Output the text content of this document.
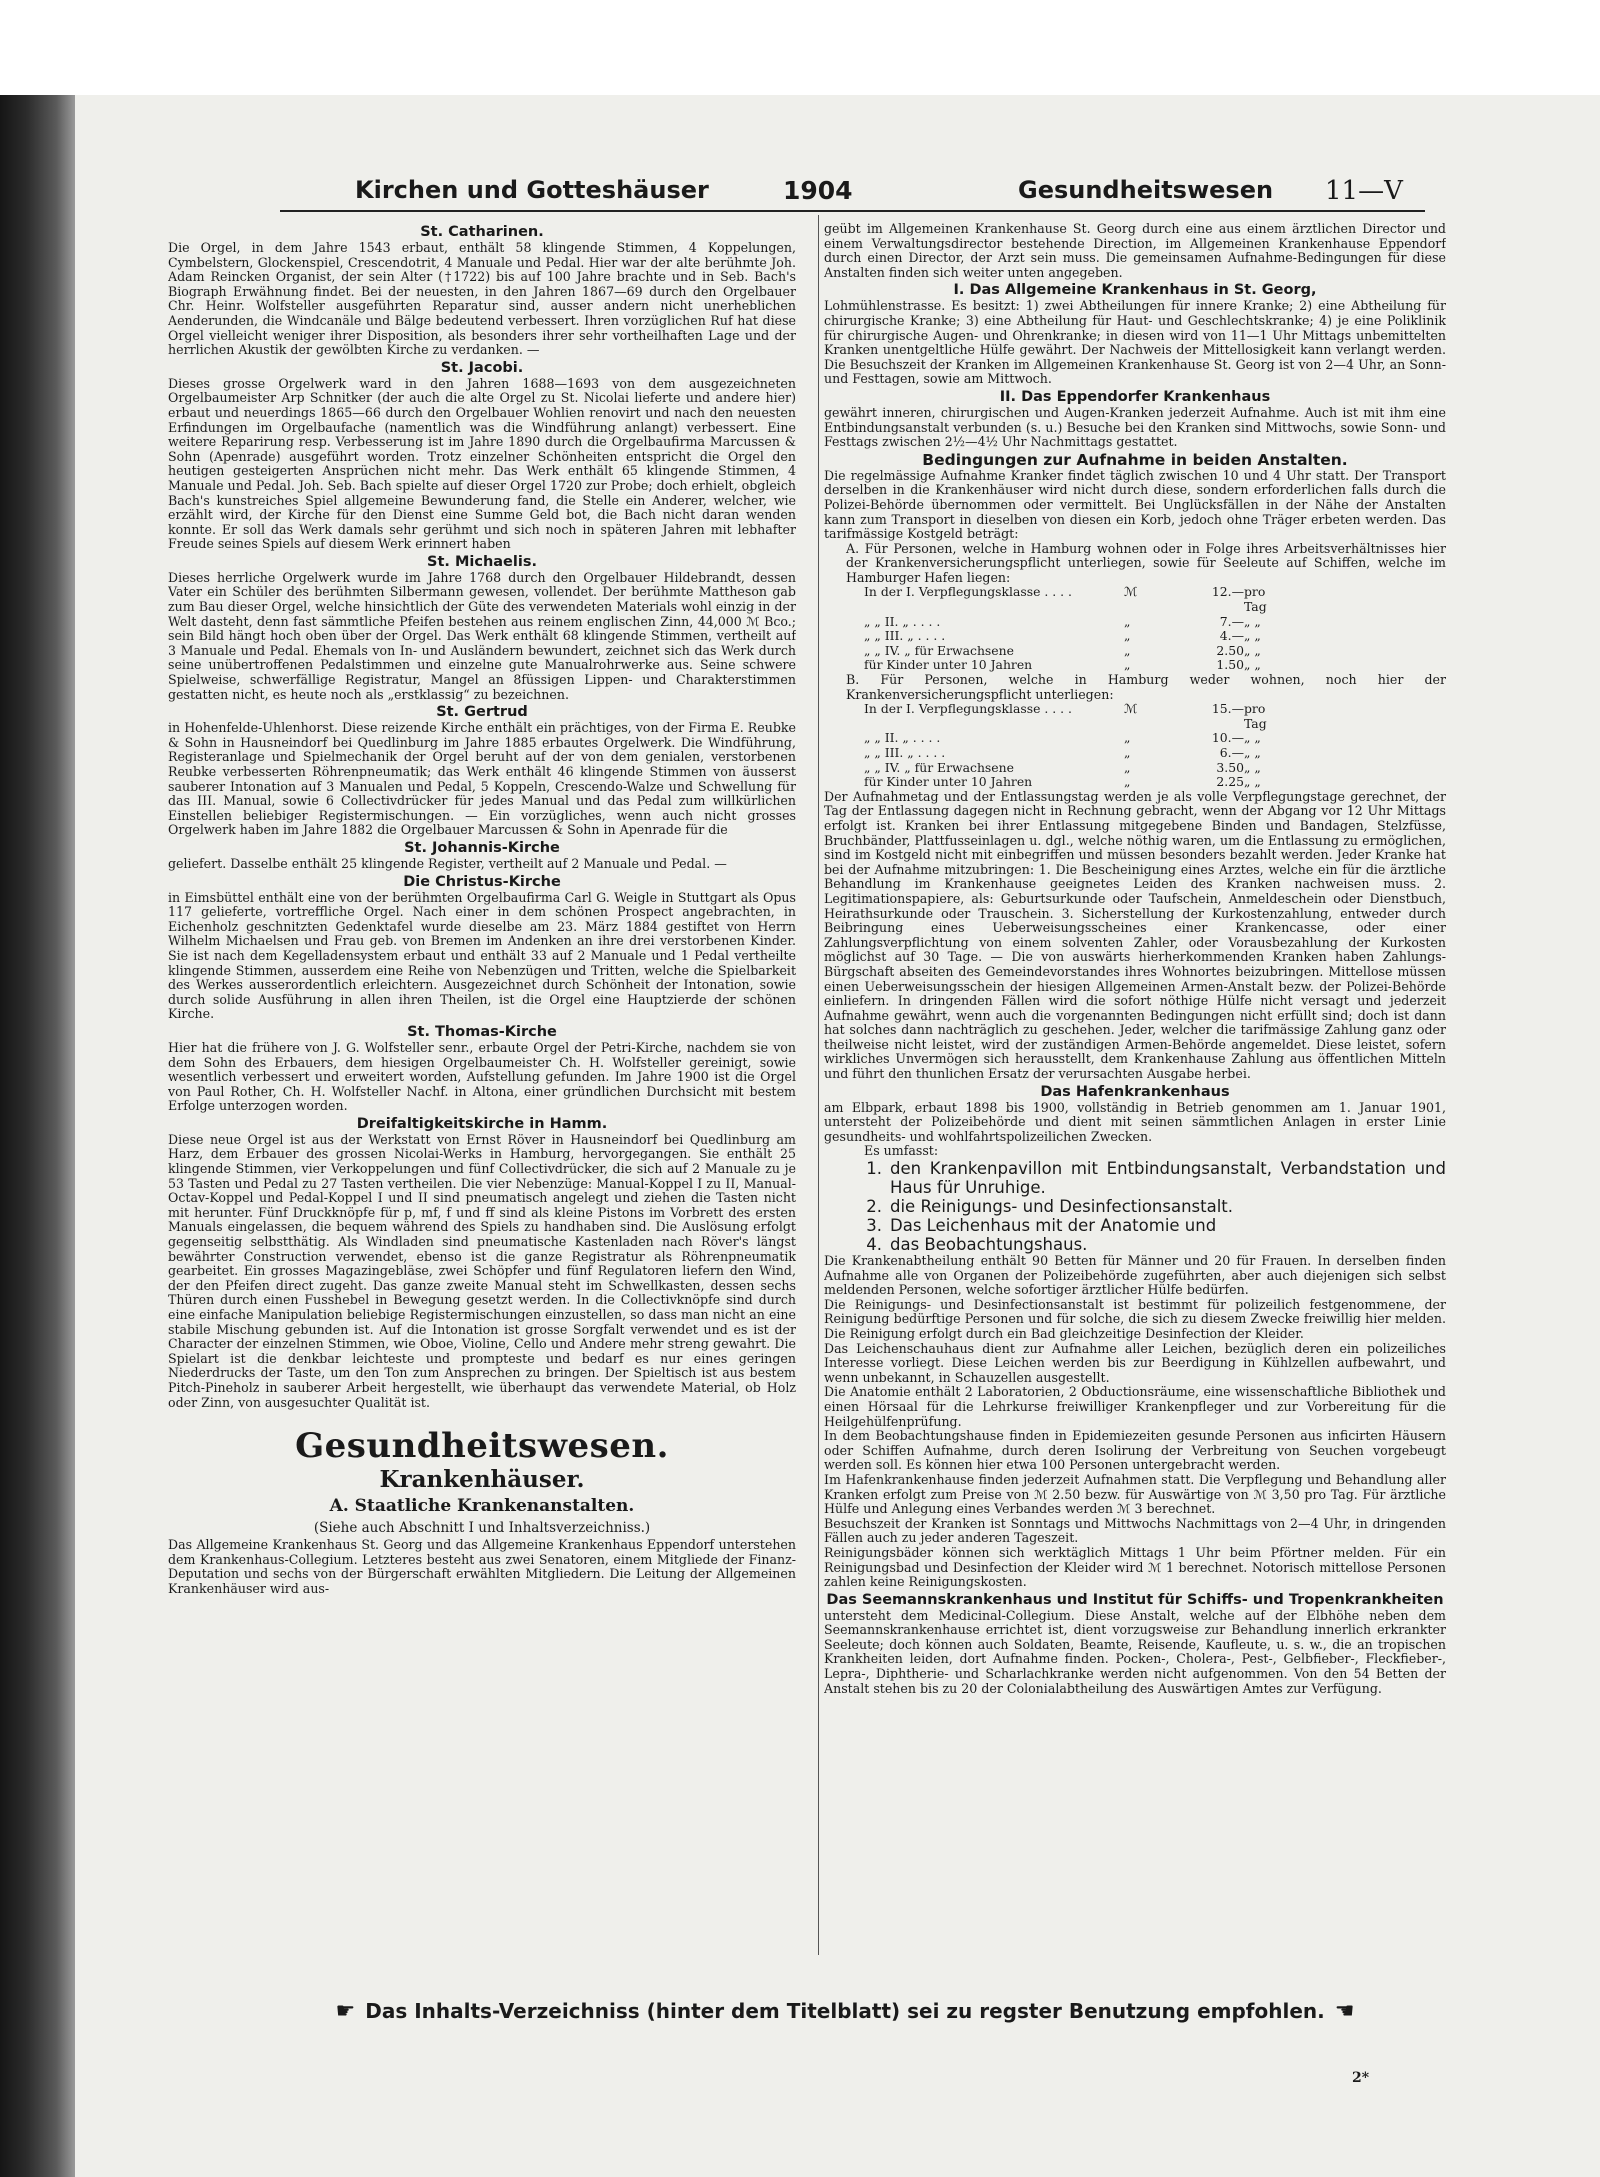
Kirchen und Gotteshäuser	1904	Gesundheitswesen 11—V
St. Catharinen.

Die Orgel, in dem Jahre 1543 erbaut, enthält 58 klingende Stimmen, 4 Koppelungen, Cymbelstern, Glockenspiel, Crescendotrit, 4 Manuale und Pedal. Hier war der alte berühmte Joh. Adam Reincken Organist, der sein Alter (†1722) bis auf 100 Jahre brachte und in Seb. Bach's Biograph Erwähnung findet. Bei der neuesten, in den Jahren 1867—69 durch den Orgelbauer Chr. Heinr. Wolfsteller ausgeführten Reparatur sind, ausser andern nicht unerheblichen Aenderunden, die Windcanäle und Bälge bedeutend verbessert. Ihren vorzüglichen Ruf hat diese Orgel vielleicht weniger ihrer Disposition, als besonders ihrer sehr vortheilhaften Lage und der herrlichen Akustik der gewölbten Kirche zu verdanken. —

St. Jacobi.

Dieses grosse Orgelwerk ward in den Jahren 1688—1693 von dem ausgezeichneten Orgelbaumeister Arp Schnitker (der auch die alte Orgel zu St. Nicolai lieferte und andere hier) erbaut und neuerdings 1865—66 durch den Orgelbauer Wohlien renovirt und nach den neuesten Erfindungen im Orgelbaufache (namentlich was die Windführung anlangt) verbessert. Eine weitere Reparirung resp. Verbesserung ist im Jahre 1890 durch die Orgelbaufirma Marcussen & Sohn (Apenrade) ausgeführt worden. Trotz einzelner Schönheiten entspricht die Orgel den heutigen gesteigerten Ansprüchen nicht mehr. Das Werk enthält 65 klingende Stimmen, 4 Manuale und Pedal. Joh. Seb. Bach spielte auf dieser Orgel 1720 zur Probe; doch erhielt, obgleich Bach's kunstreiches Spiel allgemeine Bewunderung fand, die Stelle ein Anderer, welcher, wie erzählt wird, der Kirche für den Dienst eine Summe Geld bot, die Bach nicht daran wenden konnte. Er soll das Werk damals sehr gerühmt und sich noch in späteren Jahren mit lebhafter Freude seines Spiels auf diesem Werk erinnert haben

St. Michaelis.

Dieses herrliche Orgelwerk wurde im Jahre 1768 durch den Orgelbauer Hildebrandt, dessen Vater ein Schüler des berühmten Silbermann gewesen, vollendet. Der berühmte Mattheson gab zum Bau dieser Orgel, welche hinsichtlich der Güte des verwendeten Materials wohl einzig in der Welt dasteht, denn fast sämmtliche Pfeifen bestehen aus reinem englischen Zinn, 44,000 ℳ Bco.; sein Bild hängt hoch oben über der Orgel. Das Werk enthält 68 klingende Stimmen, vertheilt auf 3 Manuale und Pedal. Ehemals von In- und Ausländern bewundert, zeichnet sich das Werk durch seine unübertroffenen Pedalstimmen und einzelne gute Manualrohrwerke aus. Seine schwere Spielweise, schwerfällige Registratur, Mangel an 8füssigen Lippen- und Charakterstimmen gestatten nicht, es heute noch als „erstklassig“ zu bezeichnen.

St. Gertrud

in Hohenfelde-Uhlenhorst. Diese reizende Kirche enthält ein prächtiges, von der Firma E. Reubke & Sohn in Hausneindorf bei Quedlinburg im Jahre 1885 erbautes Orgelwerk. Die Windführung, Registeranlage und Spielmechanik der Orgel beruht auf der von dem genialen, verstorbenen Reubke verbesserten Röhrenpneumatik; das Werk enthält 46 klingende Stimmen von äusserst sauberer Intonation auf 3 Manualen und Pedal, 5 Koppeln, Crescendo-Walze und Schwellung für das III. Manual, sowie 6 Collectivdrücker für jedes Manual und das Pedal zum willkürlichen Einstellen beliebiger Registermischungen. — Ein vorzügliches, wenn auch nicht grosses Orgelwerk haben im Jahre 1882 die Orgelbauer Marcussen & Sohn in Apenrade für die

St. Johannis-Kirche

geliefert. Dasselbe enthält 25 klingende Register, vertheilt auf 2 Manuale und Pedal. —

Die Christus-Kirche

in Eimsbüttel enthält eine von der berühmten Orgelbaufirma Carl G. Weigle in Stuttgart als Opus 117 gelieferte, vortreffliche Orgel. Nach einer in dem schönen Prospect angebrachten, in Eichenholz geschnitzten Gedenktafel wurde dieselbe am 23. März 1884 gestiftet von Herrn Wilhelm Michaelsen und Frau geb. von Bremen im Andenken an ihre drei verstorbenen Kinder. Sie ist nach dem Kegelladensystem erbaut und enthält 33 auf 2 Manuale und 1 Pedal vertheilte klingende Stimmen, ausserdem eine Reihe von Nebenzügen und Tritten, welche die Spielbarkeit des Werkes ausserordentlich erleichtern. Ausgezeichnet durch Schönheit der Intonation, sowie durch solide Ausführung in allen ihren Theilen, ist die Orgel eine Hauptzierde der schönen Kirche.

St. Thomas-Kirche

Hier hat die frühere von J. G. Wolfsteller senr., erbaute Orgel der Petri-Kirche, nachdem sie von dem Sohn des Erbauers, dem hiesigen Orgelbaumeister Ch. H. Wolfsteller gereinigt, sowie wesentlich verbessert und erweitert worden, Aufstellung gefunden. Im Jahre 1900 ist die Orgel von Paul Rother, Ch. H. Wolfsteller Nachf. in Altona, einer gründlichen Durchsicht mit bestem Erfolge unterzogen worden.

Dreifaltigkeitskirche in Hamm.

Diese neue Orgel ist aus der Werkstatt von Ernst Röver in Hausneindorf bei Quedlinburg am Harz, dem Erbauer des grossen Nicolai-Werks in Hamburg, hervorgegangen. Sie enthält 25 klingende Stimmen, vier Verkoppelungen und fünf Collectivdrücker, die sich auf 2 Manuale zu je 53 Tasten und Pedal zu 27 Tasten vertheilen. Die vier Nebenzüge: Manual-Koppel I zu II, Manual-Octav-Koppel und Pedal-Koppel I und II sind pneumatisch angelegt und ziehen die Tasten nicht mit herunter. Fünf Druckknöpfe für p, mf, f und ff sind als kleine Pistons im Vorbrett des ersten Manuals eingelassen, die bequem während des Spiels zu handhaben sind. Die Auslösung erfolgt gegenseitig selbstthätig. Als Windladen sind pneumatische Kastenladen nach Röver's längst bewährter Construction verwendet, ebenso ist die ganze Registratur als Röhrenpneumatik gearbeitet. Ein grosses Magazingebläse, zwei Schöpfer und fünf Regulatoren liefern den Wind, der den Pfeifen direct zugeht. Das ganze zweite Manual steht im Schwellkasten, dessen sechs Thüren durch einen Fusshebel in Bewegung gesetzt werden. In die Collectivknöpfe sind durch eine einfache Manipulation beliebige Registermischungen einzustellen, so dass man nicht an eine stabile Mischung gebunden ist. Auf die Intonation ist grosse Sorgfalt verwendet und es ist der Character der einzelnen Stimmen, wie Oboe, Violine, Cello und Andere mehr streng gewahrt. Die Spielart ist die denkbar leichteste und prompteste und bedarf es nur eines geringen Niederdrucks der Taste, um den Ton zum Ansprechen zu bringen. Der Spieltisch ist aus bestem Pitch-Pineholz in sauberer Arbeit hergestellt, wie überhaupt das verwendete Material, ob Holz oder Zinn, von ausgesuchter Qualität ist.

Gesundheitswesen.
Krankenhäuser.
A. Staatliche Krankenanstalten.
(Siehe auch Abschnitt I und Inhaltsverzeichniss.)

Das Allgemeine Krankenhaus St. Georg und das Allgemeine Krankenhaus Eppendorf unterstehen dem Krankenhaus-Collegium. Letzteres besteht aus zwei Senatoren, einem Mitgliede der Finanz-Deputation und sechs von der Bürgerschaft erwählten Mitgliedern. Die Leitung der Allgemeinen Krankenhäuser wird aus-

geübt im Allgemeinen Krankenhause St. Georg durch eine aus einem ärztlichen Director und einem Verwaltungsdirector bestehende Direction, im Allgemeinen Krankenhause Eppendorf durch einen Director, der Arzt sein muss. Die gemeinsamen Aufnahme-Bedingungen für diese Anstalten finden sich weiter unten angegeben.

I. Das Allgemeine Krankenhaus in St. Georg,

Lohmühlenstrasse. Es besitzt: 1) zwei Abtheilungen für innere Kranke; 2) eine Abtheilung für chirurgische Kranke; 3) eine Abtheilung für Haut- und Geschlechtskranke; 4) je eine Poliklinik für chirurgische Augen- und Ohrenkranke; in diesen wird von 11—1 Uhr Mittags unbemittelten Kranken unentgeltliche Hülfe gewährt. Der Nachweis der Mittellosigkeit kann verlangt werden. Die Besuchszeit der Kranken im Allgemeinen Krankenhause St. Georg ist von 2—4 Uhr, an Sonn- und Festtagen, sowie am Mittwoch.

II. Das Eppendorfer Krankenhaus

gewährt inneren, chirurgischen und Augen-Kranken jederzeit Aufnahme. Auch ist mit ihm eine Entbindungsanstalt verbunden (s. u.) Besuche bei den Kranken sind Mittwochs, sowie Sonn- und Festtags zwischen 2½—4½ Uhr Nachmittags gestattet.

Bedingungen zur Aufnahme in beiden Anstalten.

Die regelmässige Aufnahme Kranker findet täglich zwischen 10 und 4 Uhr statt. Der Transport derselben in die Krankenhäuser wird nicht durch diese, sondern erforderlichen falls durch die Polizei-Behörde übernommen oder vermittelt. Bei Unglücksfällen in der Nähe der Anstalten kann zum Transport in dieselben von diesen ein Korb, jedoch ohne Träger erbeten werden. Das tarifmässige Kostgeld beträgt:

A. Für Personen, welche in Hamburg wohnen oder in Folge ihres Arbeitsverhältnisses hier der Krankenversicherungspflicht unterliegen, sowie für Seeleute auf Schiffen, welche im Hamburger Hafen liegen:

In der I. Verpflegungsklasse . . . .	ℳ	12.— pro Tag
„ „ II. „ . . . .	„	7.— „ „
„ „ III. „ . . . .	„	4.— „ „
„ „ IV. „ für Erwachsene	„	2.50 „ „
für Kinder unter 10 Jahren	„	1.50 „ „

B. Für Personen, welche in Hamburg weder wohnen, noch hier der Krankenversicherungspflicht unterliegen:

In der I. Verpflegungsklasse . . . .	ℳ	15.— pro Tag
„ „ II. „ . . . .	„	10.— „ „
„ „ III. „ . . . .	„	6.— „ „
„ „ IV. „ für Erwachsene	„	3.50 „ „
für Kinder unter 10 Jahren	„	2.25 „ „

Der Aufnahmetag und der Entlassungstag werden je als volle Verpflegungstage gerechnet, der Tag der Entlassung dagegen nicht in Rechnung gebracht, wenn der Abgang vor 12 Uhr Mittags erfolgt ist. Kranken bei ihrer Entlassung mitgegebene Binden und Bandagen, Stelzfüsse, Bruchbänder, Plattfusseinlagen u. dgl., welche nöthig waren, um die Entlassung zu ermöglichen, sind im Kostgeld nicht mit einbegriffen und müssen besonders bezahlt werden. Jeder Kranke hat bei der Aufnahme mitzubringen: 1. Die Bescheinigung eines Arztes, welche ein für die ärztliche Behandlung im Krankenhause geeignetes Leiden des Kranken nachweisen muss. 2. Legitimationspapiere, als: Geburtsurkunde oder Taufschein, Anmeldeschein oder Dienstbuch, Heirathsurkunde oder Trauschein. 3. Sicherstellung der Kurkostenzahlung, entweder durch Beibringung eines Ueberweisungsscheines einer Krankencasse, oder einer Zahlungsverpflichtung von einem solventen Zahler, oder Vorausbezahlung der Kurkosten möglichst auf 30 Tage. — Die von auswärts hierherkommenden Kranken haben Zahlungs-Bürgschaft abseiten des Gemeindevorstandes ihres Wohnortes beizubringen. Mittellose müssen einen Ueberweisungsschein der hiesigen Allgemeinen Armen-Anstalt bezw. der Polizei-Behörde einliefern. In dringenden Fällen wird die sofort nöthige Hülfe nicht versagt und jederzeit Aufnahme gewährt, wenn auch die vorgenannten Bedingungen nicht erfüllt sind; doch ist dann hat solches dann nachträglich zu geschehen. Jeder, welcher die tarifmässige Zahlung ganz oder theilweise nicht leistet, wird der zuständigen Armen-Behörde angemeldet. Diese leistet, sofern wirkliches Unvermögen sich herausstellt, dem Krankenhause Zahlung aus öffentlichen Mitteln und führt den thunlichen Ersatz der verursachten Ausgabe herbei.

Das Hafenkrankenhaus

am Elbpark, erbaut 1898 bis 1900, vollständig in Betrieb genommen am 1. Januar 1901, untersteht der Polizeibehörde und dient mit seinen sämmtlichen Anlagen in erster Linie gesundheits- und wohlfahrtspolizeilichen Zwecken.

Es umfasst:

1. den Krankenpavillon mit Entbindungsanstalt, Verbandstation und Haus für Unruhige.
2. die Reinigungs- und Desinfectionsanstalt.
3. Das Leichenhaus mit der Anatomie und
4. das Beobachtungshaus.

Die Krankenabtheilung enthält 90 Betten für Männer und 20 für Frauen. In derselben finden Aufnahme alle von Organen der Polizeibehörde zugeführten, aber auch diejenigen sich selbst meldenden Personen, welche sofortiger ärztlicher Hülfe bedürfen.

Die Reinigungs- und Desinfectionsanstalt ist bestimmt für polizeilich festgenommene, der Reinigung bedürftige Personen und für solche, die sich zu diesem Zwecke freiwillig hier melden. Die Reinigung erfolgt durch ein Bad gleichzeitige Desinfection der Kleider.

Das Leichenschauhaus dient zur Aufnahme aller Leichen, bezüglich deren ein polizeiliches Interesse vorliegt. Diese Leichen werden bis zur Beerdigung in Kühlzellen aufbewahrt, und wenn unbekannt, in Schauzellen ausgestellt.

Die Anatomie enthält 2 Laboratorien, 2 Obductionsräume, eine wissenschaftliche Bibliothek und einen Hörsaal für die Lehrkurse freiwilliger Krankenpfleger und zur Vorbereitung für die Heilgehülfenprüfung.

In dem Beobachtungshause finden in Epidemiezeiten gesunde Personen aus inficirten Häusern oder Schiffen Aufnahme, durch deren Isolirung der Verbreitung von Seuchen vorgebeugt werden soll. Es können hier etwa 100 Personen untergebracht werden.

Im Hafenkrankenhause finden jederzeit Aufnahmen statt. Die Verpflegung und Behandlung aller Kranken erfolgt zum Preise von ℳ 2.50 bezw. für Auswärtige von ℳ 3,50 pro Tag. Für ärztliche Hülfe und Anlegung eines Verbandes werden ℳ 3 berechnet.

Besuchszeit der Kranken ist Sonntags und Mittwochs Nachmittags von 2—4 Uhr, in dringenden Fällen auch zu jeder anderen Tageszeit.

Reinigungsbäder können sich werktäglich Mittags 1 Uhr beim Pförtner melden. Für ein Reinigungsbad und Desinfection der Kleider wird ℳ 1 berechnet. Notorisch mittellose Personen zahlen keine Reinigungskosten.

Das Seemannskrankenhaus und Institut für Schiffs- und Tropenkrankheiten

untersteht dem Medicinal-Collegium. Diese Anstalt, welche auf der Elbhöhe neben dem Seemannskrankenhause errichtet ist, dient vorzugsweise zur Behandlung innerlich erkrankter Seeleute; doch können auch Soldaten, Beamte, Reisende, Kaufleute, u. s. w., die an tropischen Krankheiten leiden, dort Aufnahme finden. Pocken-, Cholera-, Pest-, Gelbfieber-, Fleckfieber-, Lepra-, Diphtherie- und Scharlachkranke werden nicht aufgenommen. Von den 54 Betten der Anstalt stehen bis zu 20 der Colonialabtheilung des Auswärtigen Amtes zur Verfügung.

☛ Das Inhalts-Verzeichniss (hinter dem Titelblatt) sei zu regster Benutzung empfohlen. ☚
2*
